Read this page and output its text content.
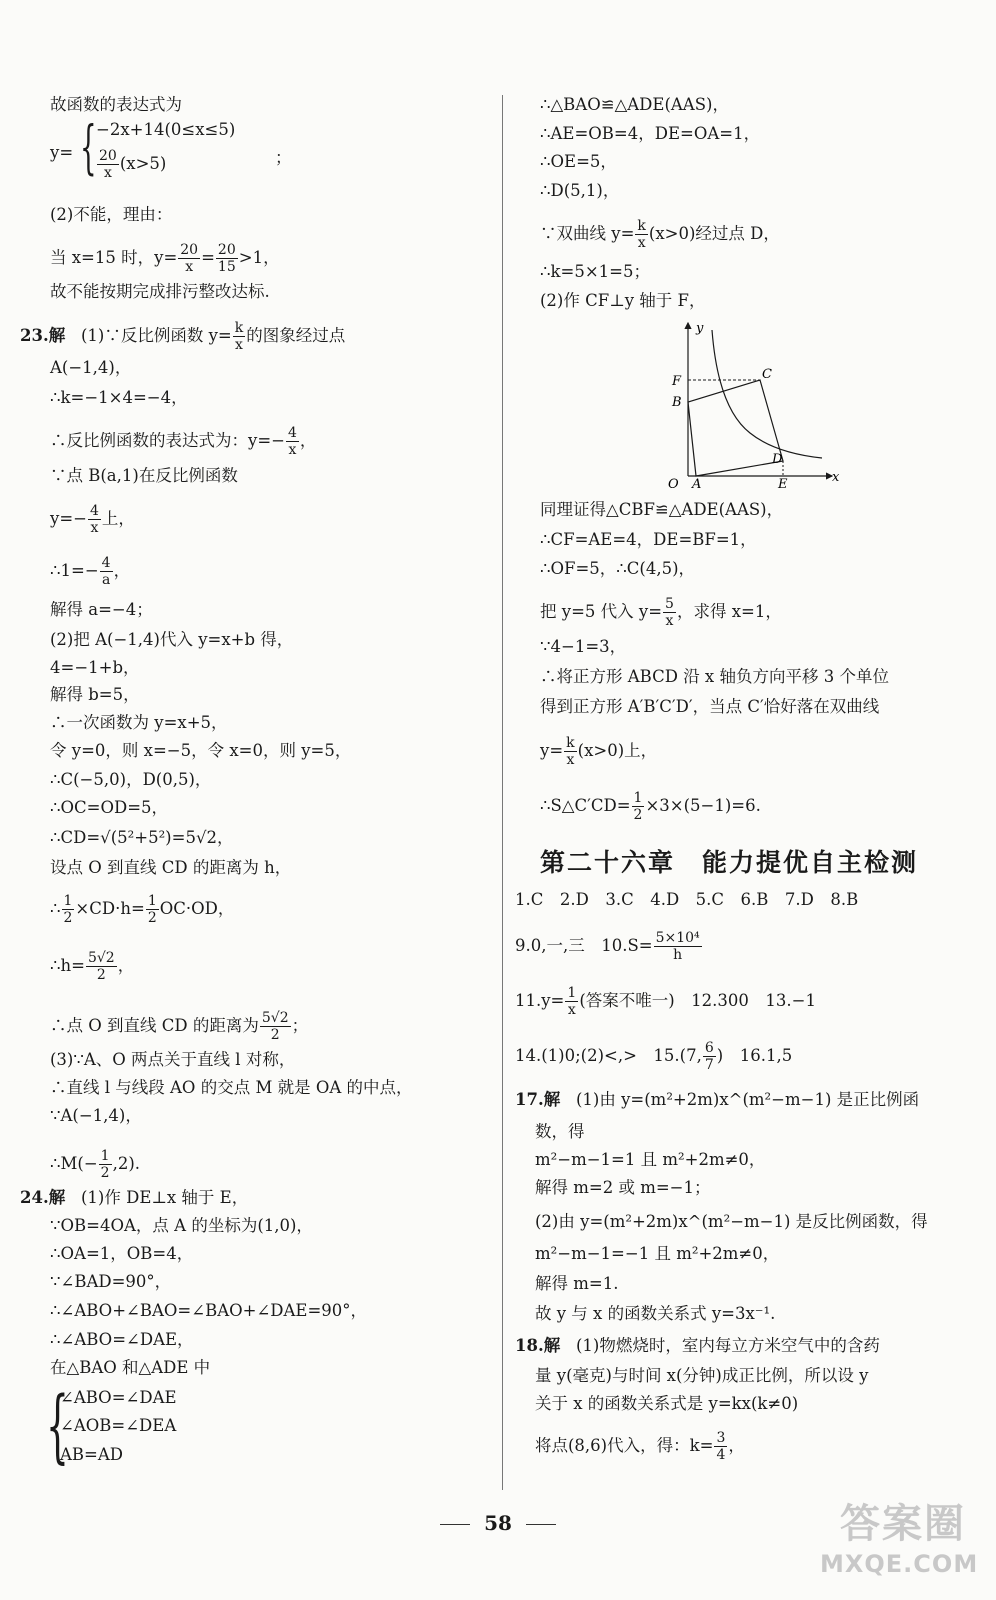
故函数的表达式为
y= { −2x+14(0≤x≤5)
$\frac{20}{x} (x>5)$	；
(2)不能，理由：
当 x=15 时，$y= \frac{20}{x} = \frac{20}{15} >1$，
故不能按期完成排污整改达标.
23.解 (1)∵反比例函数 $y= \frac{k}{x}$ 的图象经过点
A(−1,4)，
∴k=−1×4=−4，
∴反比例函数的表达式为：$y=- \frac{4}{x}$ ，
∵点 B(a,1)在反比例函数
$y=- \frac{4}{x}$ 上，
∴1=− $\frac{4}{a}$ ，
解得 a=−4；
(2)把 A(−1,4)代入 y=x+b 得，
4=−1+b，
解得 b=5，
∴一次函数为 y=x+5，
令 y=0，则 x=−5，令 x=0，则 y=5，
∴C(−5,0)，D(0,5)，
∴OC=OD=5，
∴CD=√(5²+5²)=5√2，
设点 O 到直线 CD 的距离为 h，
∴ $\frac{1}{2} \times CD\cdot h= \frac{1}{2} OC\cdot OD$，
∴h= $\frac{5√2}{2}$ ，
∴点 O 到直线 CD 的距离为 $\frac{5√2}{2}$ ；
(3)∵A、O 两点关于直线 l 对称，
∴直线 l 与线段 AO 的交点 M 就是 OA 的中点，
∵A(−1,4)，
∴M(− $\frac{1}{2} ,2$).
24.解 (1)作 DE⊥x 轴于 E，
∵OB=4OA，点 A 的坐标为(1,0)，
∴OA=1，OB=4，
∵∠BAD=90°，
∴∠ABO+∠BAO=∠BAO+∠DAE=90°，
∴∠ABO=∠DAE，
在△BAO 和△ADE 中
{
∠ABO=∠DAE
∠AOB=∠DEA
AB=AD
∴△BAO≌△ADE(AAS)，
∴AE=OB=4，DE=OA=1，
∴OE=5，
∴D(5,1)，
∵双曲线 $y= \frac{k}{x} (x>0)$经过点 D，
∴k=5×1=5；
(2)作 CF⊥y 轴于 F，
F
B
C
O A
D
E	x
y
同理证得△CBF≌△ADE(AAS)，
∴CF=AE=4，DE=BF=1，
∴OF=5，∴C(4,5)，
把 y=5 代入 $y= \frac{5}{x}$ ，求得 x=1，
∵4−1=3，
∴将正方形 ABCD 沿 x 轴负方向平移 3 个单位
得到正方形 A′B′C′D′，当点 C′恰好落在双曲线
$y= \frac{k}{x} (x>0)$上，
∴S△C′CD= $\frac{1}{2} \times 3\times(5-1)=6$.
第二十六章　能力提优自主检测
1.C　2.D　3.C　4.D　5.C　6.B　7.D　8.B
9.0,一,三　$10.S= \frac{\text{5×10⁴}}{h}$
$11.y= \frac{1}{x}$ (答案不唯一)　12.300　13.−1
14.(1)0;(2)<,>　15.(7, $\frac{6}{7}$ )　16.1,5
17.解 (1)由 y=(m²+2m)x^(m²−m−1) 是正比例函
数，得
m²−m−1=1 且 m²+2m≠0，
解得 m=2 或 m=−1；
(2)由 y=(m²+2m)x^(m²−m−1) 是反比例函数，得
m²−m−1=−1 且 m²+2m≠0，
解得 m=1.
故 y 与 x 的函数关系式 y=3x⁻¹.
18.解 (1)物燃烧时，室内每立方米空气中的含药
量 y(毫克)与时间 x(分钟)成正比例，所以设 y
关于 x 的函数关系式是 y=kx(k≠0)
将点(8,6)代入，得：$k= \frac{3}{4}$ ，
58	答案圈
MXQE.COM
